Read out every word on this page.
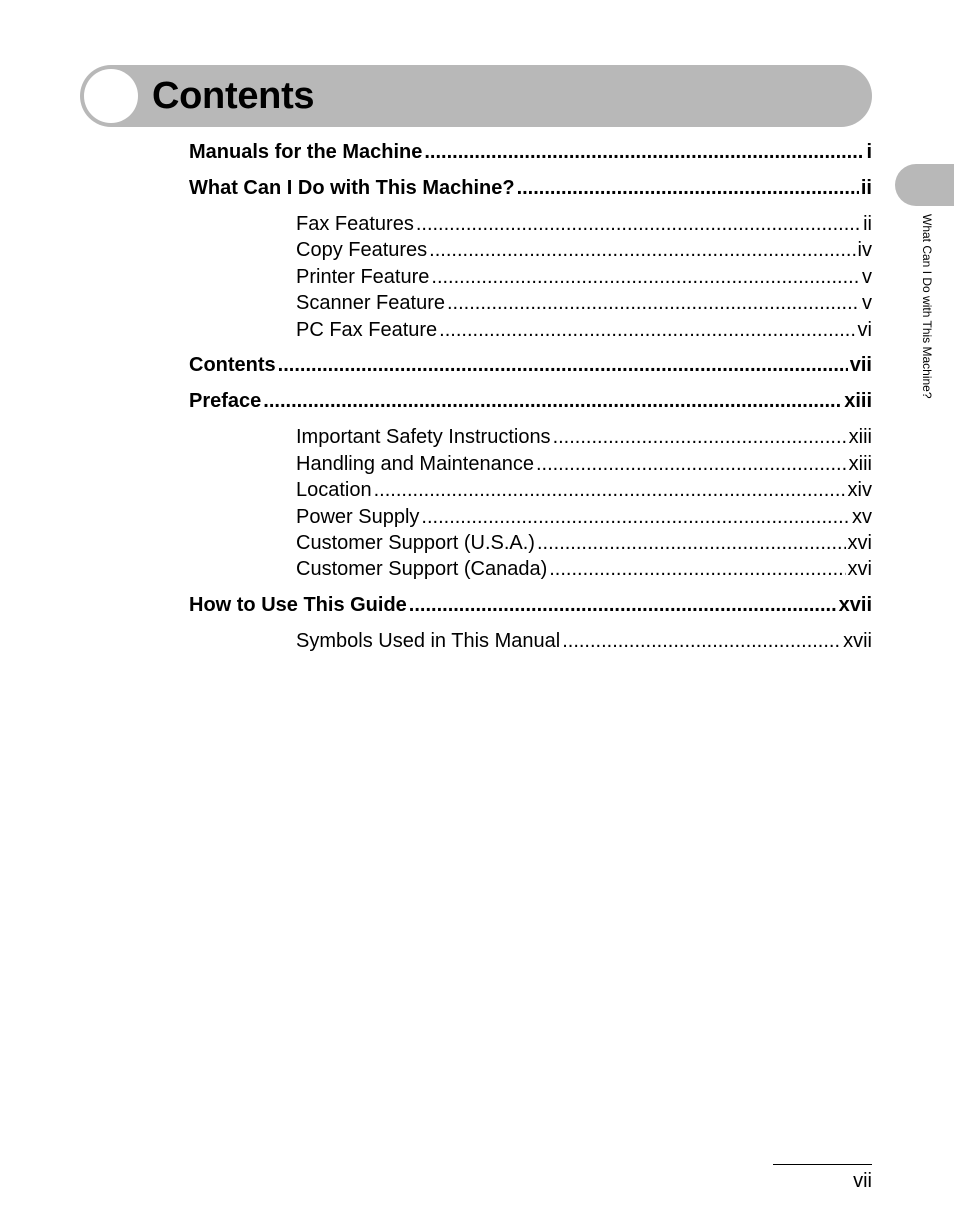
Contents
What Can I Do with This Machine?
Manuals for the Machine .....	i
What Can I Do with This Machine? .....	ii
Fax Features .....	ii
Copy Features .....	iv
Printer Feature .....	v
Scanner Feature .....	v
PC Fax Feature .....	vi
Contents .....	vii
Preface .....	xiii
Important Safety Instructions .....	xiii
Handling and Maintenance .....	xiii
Location .....	xiv
Power Supply .....	xv
Customer Support (U.S.A.) .....	xvi
Customer Support (Canada) .....	xvi
How to Use This Guide .....	xvii
Symbols Used in This Manual .....	xvii
vii
